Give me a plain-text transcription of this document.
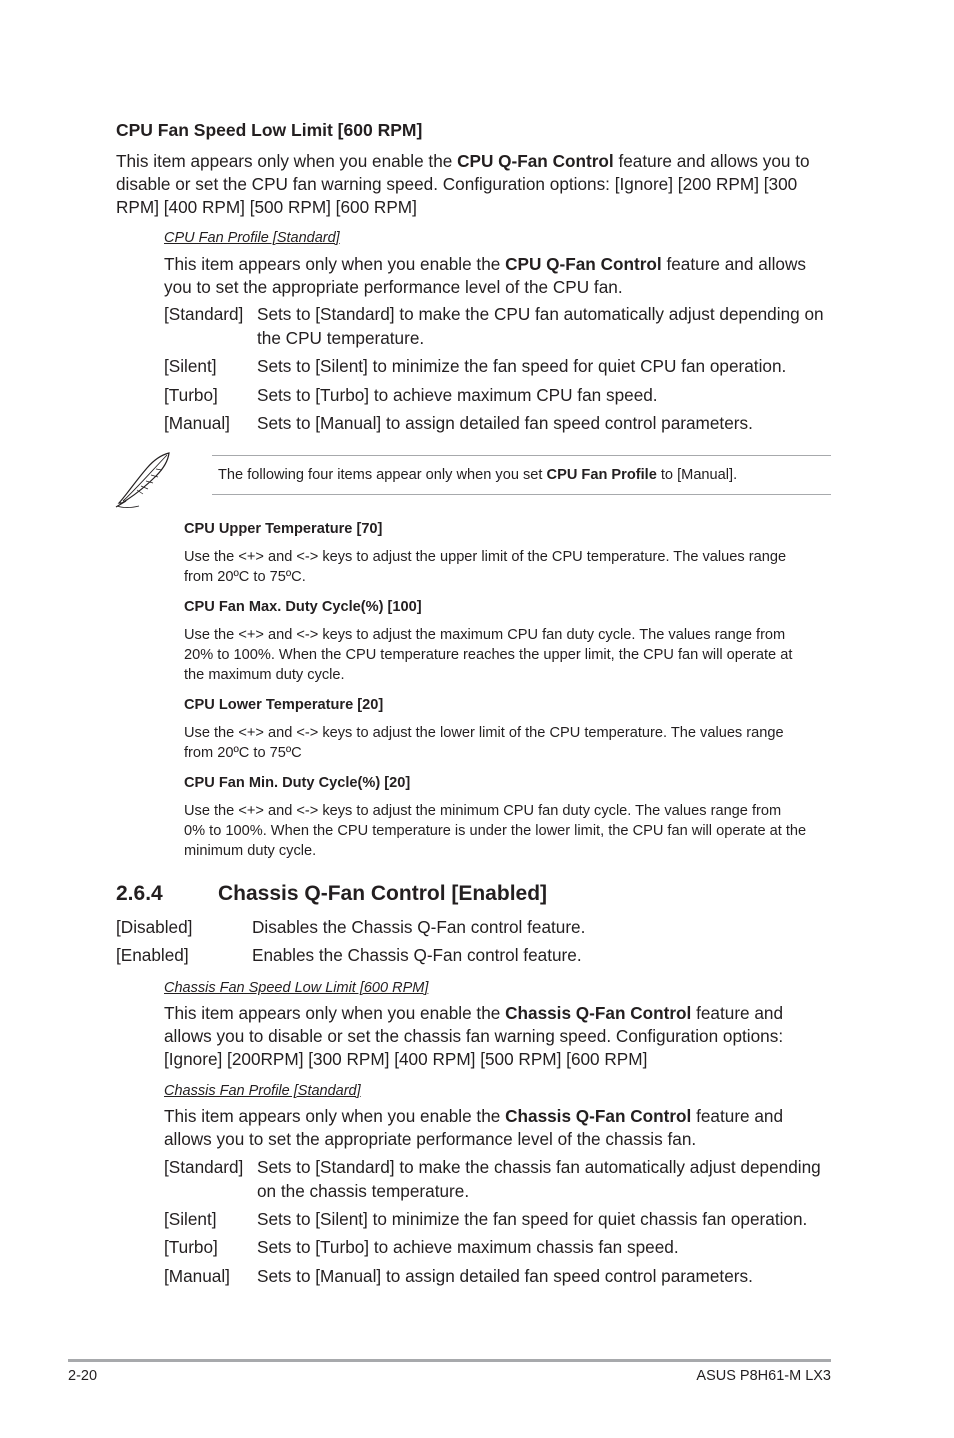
CPU Fan Speed Low Limit [600 RPM]
This item appears only when you enable the CPU Q-Fan Control feature and allows you to
disable or set the CPU fan warning speed. Configuration options: [Ignore] [200 RPM] [300
RPM] [400 RPM] [500 RPM] [600 RPM]
CPU Fan Profile [Standard]
This item appears only when you enable the CPU Q-Fan Control feature and allows
you to set the appropriate performance level of the CPU fan.
[Standard] Sets to [Standard] to make the CPU fan automatically adjust depending on
the CPU temperature.
[Silent] Sets to [Silent] to minimize the fan speed for quiet CPU fan operation.
[Turbo] Sets to [Turbo] to achieve maximum CPU fan speed.
[Manual] Sets to [Manual] to assign detailed fan speed control parameters.
The following four items appear only when you set CPU Fan Profile to [Manual].
CPU Upper Temperature [70]
Use the <+> and <-> keys to adjust the upper limit of the CPU temperature. The values range
from 20ºC to 75ºC.
CPU Fan Max. Duty Cycle(%) [100]
Use the <+> and <-> keys to adjust the maximum CPU fan duty cycle. The values range from
20% to 100%. When the CPU temperature reaches the upper limit, the CPU fan will operate at
the maximum duty cycle.
CPU Lower Temperature [20]
Use the <+> and <-> keys to adjust the lower limit of the CPU temperature. The values range
from 20ºC to 75ºC
CPU Fan Min. Duty Cycle(%) [20]
Use the <+> and <-> keys to adjust the minimum CPU fan duty cycle. The values range from
0% to 100%. When the CPU temperature is under the lower limit, the CPU fan will operate at the
minimum duty cycle.
2.6.4	Chassis Q-Fan Control [Enabled]
[Disabled]	Disables the Chassis Q-Fan control feature.
[Enabled]	Enables the Chassis Q-Fan control feature.
Chassis Fan Speed Low Limit [600 RPM]
This item appears only when you enable the Chassis Q-Fan Control feature and
allows you to disable or set the chassis fan warning speed. Configuration options:
[Ignore] [200RPM] [300 RPM] [400 RPM] [500 RPM] [600 RPM]
Chassis Fan Profile [Standard]
This item appears only when you enable the Chassis Q-Fan Control feature and
allows you to set the appropriate performance level of the chassis fan.
[Standard] Sets to [Standard] to make the chassis fan automatically adjust depending
on the chassis temperature.
[Silent] Sets to [Silent] to minimize the fan speed for quiet chassis fan operation.
[Turbo] Sets to [Turbo] to achieve maximum chassis fan speed.
[Manual] Sets to [Manual] to assign detailed fan speed control parameters.
2-20	ASUS P8H61-M LX3
